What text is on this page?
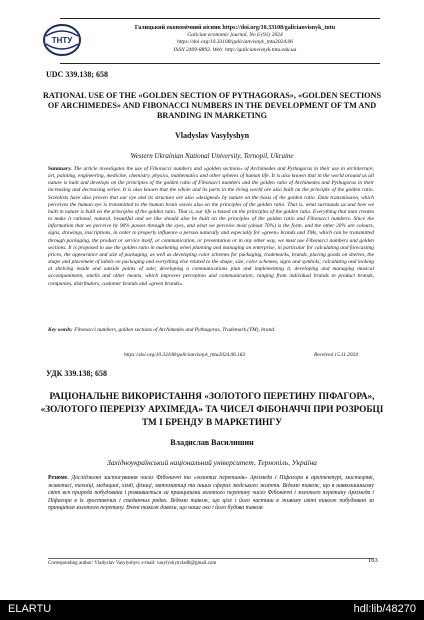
ТНТУ
Галицький економічний вісник https://doi.org/10.33108/galicianvisnyk_tntu
Galician economic journal, No 6 (91) 2024
https://doi.org/10.33108/galicianvisnyk_tntu2024.06
ISSN 2409-8892. Web: http://galicianvisnyk.tntu.edu.ua
UDC 339.138; 658
RATIONAL USE OF THE «GOLDEN SECTION OF PYTHAGORAS», «GOLDEN SECTIONS OF ARCHIMEDES» AND FIBONACCI NUMBERS IN THE DEVELOPMENT OF TM AND BRANDING IN MARKETING
Vladyslav Vasylyshyn
Western Ukrainian National University, Ternopil, Ukraine
Summary. The article investigates the use of Fibonacci numbers and «golden sections» of Archimedes and Pythagoras in their use in architecture, art, painting, engineering, medicine, chemistry, physics, mathematics and other spheres of human life. It is also known that in the world around us all nature is built and develops on the principles of the golden ratio of Fibonacci numbers and the golden ratio of Archimedes and Pythagoras in their increasing and decreasing series. It is also known that the whole and its parts in the living world are also built on the principle of the golden ratio. Scientists have also proven that our eye and its structure are also «designed» by nature on the basis of the golden ratio. Data transmission, which perceives the human eye is transmitted to the human brain waves also on the principles of the golden ratio. That is, what surrounds us and how we built in nature is built on the principles of the golden ratio. That is, our life is based on the principles of the golden ratio. Everything that man creates to make it rational, natural, beautiful and we like should also be built on the principles of the golden ratio and Fibonacci numbers. Since the information that we perceive by 90% passes through the eyes, and what we perceive most (about 70%) is the form, and the other 20% are colours, signs, drawings, inscriptions, in order to properly influence a person naturally and especially for «green» brands and TMs, which can be transmitted through packaging, the product or service itself, or communication, or presentation or in any other way, we must use Fibonacci numbers and golden sections. It is proposed to use the golden ratio in marketing when planning and managing an enterprise, in particular for calculating and forecasting prices, the appearance and size of packaging, as well as developing color schemes for packaging, trademarks, brands, placing goods on shelves, the shape and placement of labels on packaging and everything else related to the shape, size, color schemes, signs and symbols; calculating and looking at shelving inside and outside points of sale; developing a communications plan and implementing it, developing and managing musical accompaniment, smells and other means, which improves perception and communication, ranging from individual brands to product brands, companies, distributors, customer brands and «green brands».
Key words: Fibonacci numbers, golden sections of Archimedes and Pythagoras, Trademark (TM), brand.
https://doi.org/10.33108/galicianvisnyk_tntu2024.06.163	Received 15.11.2024
УДК 339.138; 658
РАЦІОНАЛЬНЕ ВИКОРИСТАННЯ «ЗОЛОТОГО ПЕРЕТИНУ ПІФАГОРА», «ЗОЛОТОГО ПЕРЕРІЗУ АРХІМЕДА» ТА ЧИСЕЛ ФІБОНАЧЧІ ПРИ РОЗРОБЦІ ТМ І БРЕНДУ В МАРКЕТИНГУ
Владислав Василишин
Західноукраїнський національний університет, Тернопіль, Україна
Резюме. Досліджено застосування чисел Фібоначчі та «золотих перетинів» Архімеда і Піфагора в архітектурі, мистецтві, живописі, техніці, медицині, хімії, фізиці, математиці та інших сферах людського життя. Відомо також, що в навколишньому світі вся природа побудована і розвивається за принципами золотого перетину чисел Фібоначчі і золотого перетину Архімеда і Піфагора в їх зростаючих і спадаючих рядах. Відомо також, що ціле і його частини в живому світі також побудовані за принципом золотого перетину. Вчені також довели, що наше око і його будова також
Corresponding author: Vladyslav Vasylyshyn; e-mail: vasylyshynvlad8@gmail.com	163
ELARTU	hdl:lib/48270
